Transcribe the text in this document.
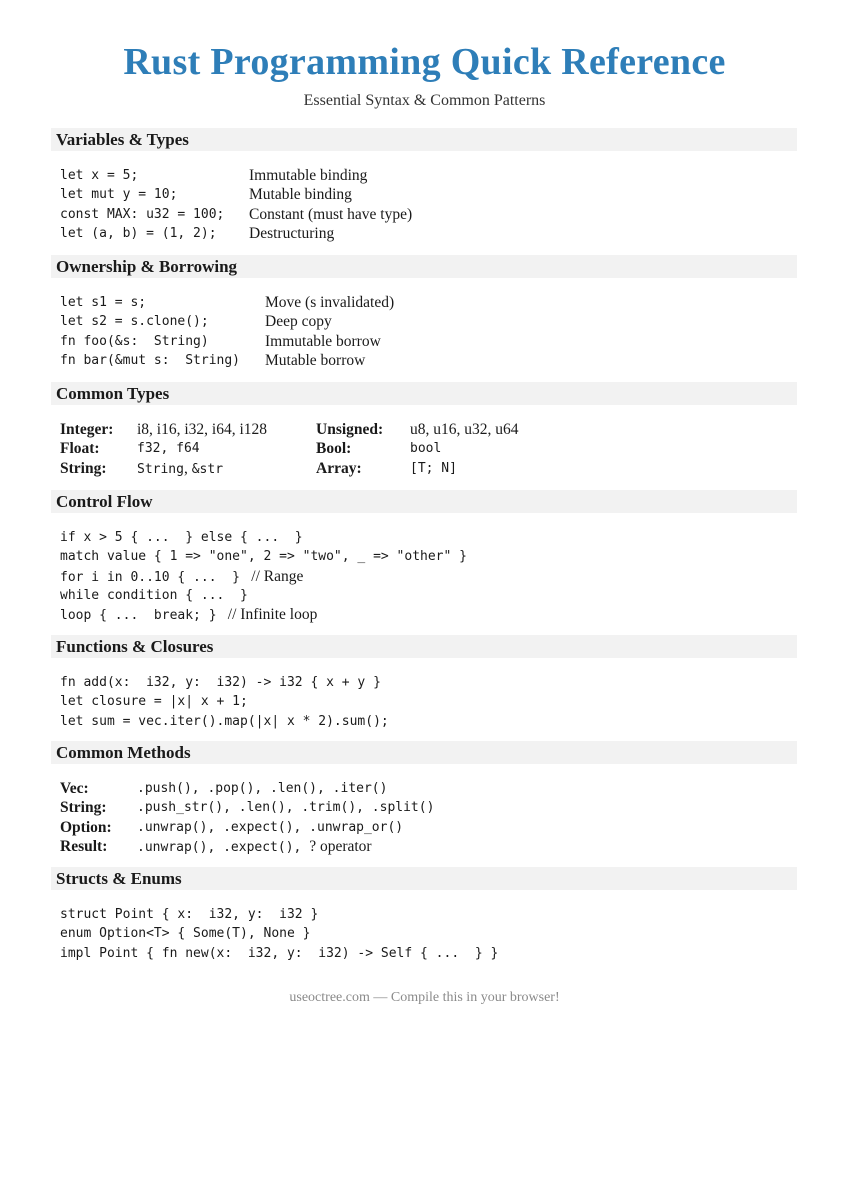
Rust Programming Quick Reference
Essential Syntax & Common Patterns
Variables & Types
let x = 5;	Immutable binding
let mut y = 10;	Mutable binding
const MAX: u32 = 100;	Constant (must have type)
let (a, b) = (1, 2);	Destructuring
Ownership & Borrowing
let s1 = s;	Move (s invalidated)
let s2 = s.clone();	Deep copy
fn foo(&s:  String)	Immutable borrow
fn bar(&mut s:  String)	Mutable borrow
Common Types
Integer:	i8, i16, i32, i64, i128	Unsigned:	u8, u16, u32, u64
Float:	f32, f64	Bool:	bool
String:	String, &str	Array:	[T; N]
Control Flow
if x > 5 { ...  } else { ...  }
match value { 1 => "one", 2 => "two", _ => "other" }
for i in 0..10 { ...  } // Range
while condition { ...  }
loop { ...  break; } // Infinite loop
Functions & Closures
fn add(x:  i32, y:  i32) -> i32 { x + y }
let closure = |x| x + 1;
let sum = vec.iter().map(|x| x * 2).sum();
Common Methods
Vec:	.push(), .pop(), .len(), .iter()
String:	.push_str(), .len(), .trim(), .split()
Option:	.unwrap(), .expect(), .unwrap_or()
Result:	.unwrap(), .expect(), ? operator
Structs & Enums
struct Point { x:  i32, y:  i32 }
enum Option<T> { Some(T), None }
impl Point { fn new(x:  i32, y:  i32) -> Self { ...  } }
useoctree.com — Compile this in your browser!
